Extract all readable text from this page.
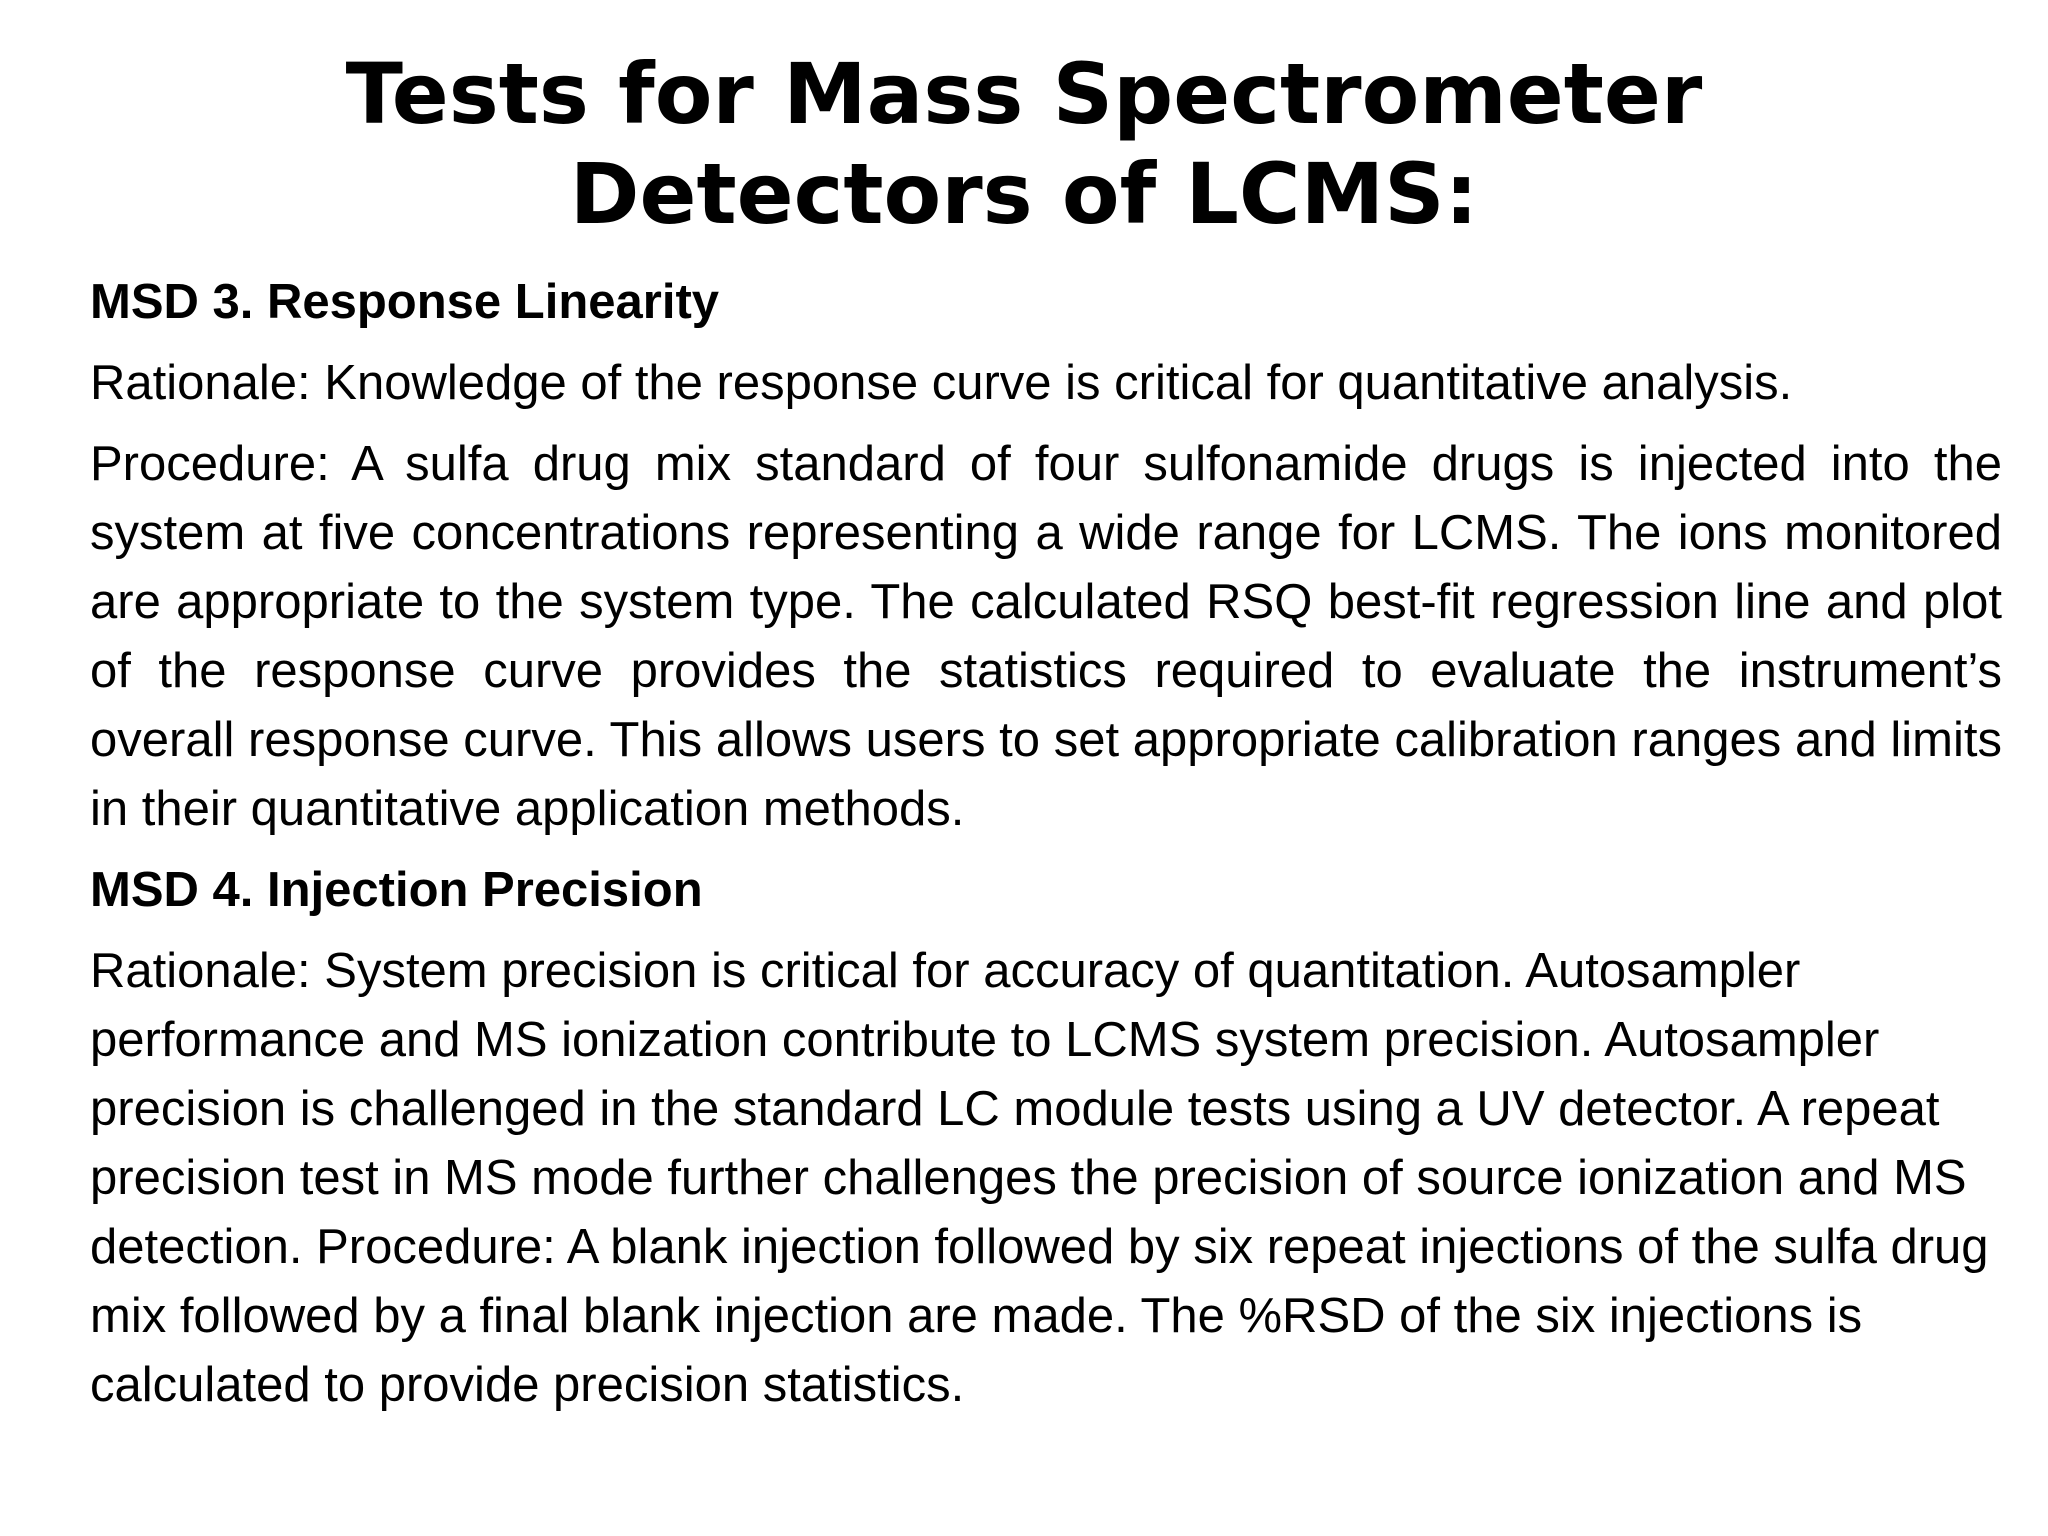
Tests for Mass Spectrometer
Detectors of LCMS:
MSD 3. Response Linearity
Rationale: Knowledge of the response curve is critical for quantitative analysis.
Procedure: A sulfa drug mix standard of four sulfonamide drugs is injected into the system at five concentrations representing a wide range for LCMS. The ions monitored are appropriate to the system type. The calculated RSQ best-fit regression line and plot of the response curve provides the statistics required to evaluate the instrument’s overall response curve. This allows users to set appropriate calibration ranges and limits in their quantitative application methods.
MSD 4. Injection Precision
Rationale: System precision is critical for accuracy of quantitation. Autosampler performance and MS ionization contribute to LCMS system precision. Autosampler precision is challenged in the standard LC module tests using a UV detector. A repeat precision test in MS mode further challenges the precision of source ionization and MS detection. Procedure: A blank injection followed by six repeat injections of the sulfa drug mix followed by a final blank injection are made. The %RSD of the six injections is calculated to provide precision statistics.
